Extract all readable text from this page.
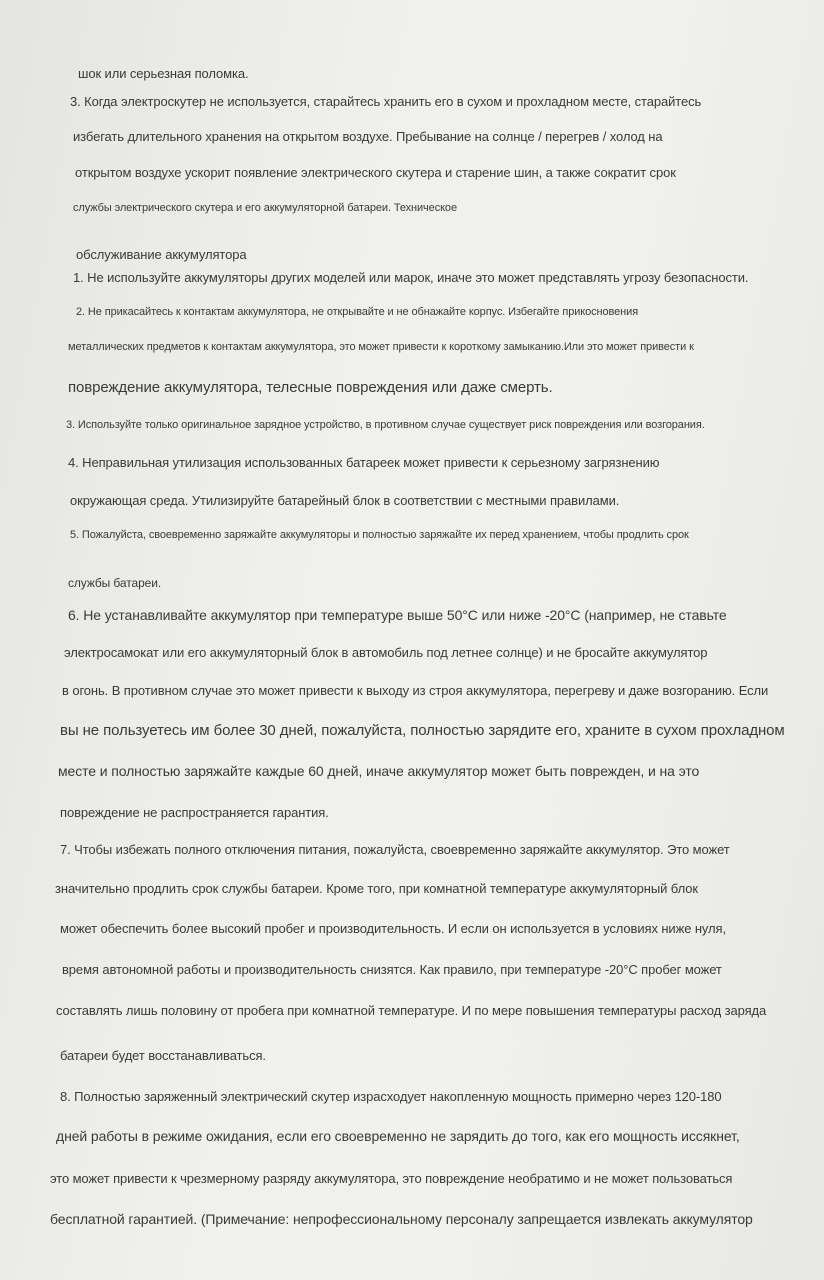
шок или серьезная поломка.
3. Когда электроскутер не используется, старайтесь хранить его в сухом и прохладном месте, старайтесь
избегать длительного хранения на открытом воздухе. Пребывание на солнце / перегрев / холод на
открытом воздухе ускорит появление электрического скутера и старение шин, а также сократит срок
службы электрического скутера и его аккумуляторной батареи. Техническое
обслуживание аккумулятора
1. Не используйте аккумуляторы других моделей или марок, иначе это может представлять угрозу безопасности.
2. Не прикасайтесь к контактам аккумулятора, не открывайте и не обнажайте корпус. Избегайте прикосновения
металлических предметов к контактам аккумулятора, это может привести к короткому замыканию.Или это может привести к
повреждение аккумулятора, телесные повреждения или даже смерть.
3. Используйте только оригинальное зарядное устройство, в противном случае существует риск повреждения или возгорания.
4. Неправильная утилизация использованных батареек может привести к серьезному загрязнению
окружающая среда. Утилизируйте батарейный блок в соответствии с местными правилами.
5. Пожалуйста, своевременно заряжайте аккумуляторы и полностью заряжайте их перед хранением, чтобы продлить срок
службы батареи.
6. Не устанавливайте аккумулятор при температуре выше 50°C или ниже -20°C (например, не ставьте
электросамокат или его аккумуляторный блок в автомобиль под летнее солнце) и не бросайте аккумулятор
в огонь. В противном случае это может привести к выходу из строя аккумулятора, перегреву и даже возгоранию. Если
вы не пользуетесь им более 30 дней, пожалуйста, полностью зарядите его, храните в сухом прохладном
месте и полностью заряжайте каждые 60 дней, иначе аккумулятор может быть поврежден, и на это
повреждение не распространяется гарантия.
7. Чтобы избежать полного отключения питания, пожалуйста, своевременно заряжайте аккумулятор. Это может
значительно продлить срок службы батареи. Кроме того, при комнатной температуре аккумуляторный блок
может обеспечить более высокий пробег и производительность. И если он используется в условиях ниже нуля,
время автономной работы и производительность снизятся. Как правило, при температуре -20°C пробег может
составлять лишь половину от пробега при комнатной температуре. И по мере повышения температуры расход заряда
батареи будет восстанавливаться.
8. Полностью заряженный электрический скутер израсходует накопленную мощность примерно через 120-180
дней работы в режиме ожидания, если его своевременно не зарядить до того, как его мощность иссякнет,
это может привести к чрезмерному разряду аккумулятора, это повреждение необратимо и не может пользоваться
бесплатной гарантией. (Примечание: непрофессиональному персоналу запрещается извлекать аккумулятор
